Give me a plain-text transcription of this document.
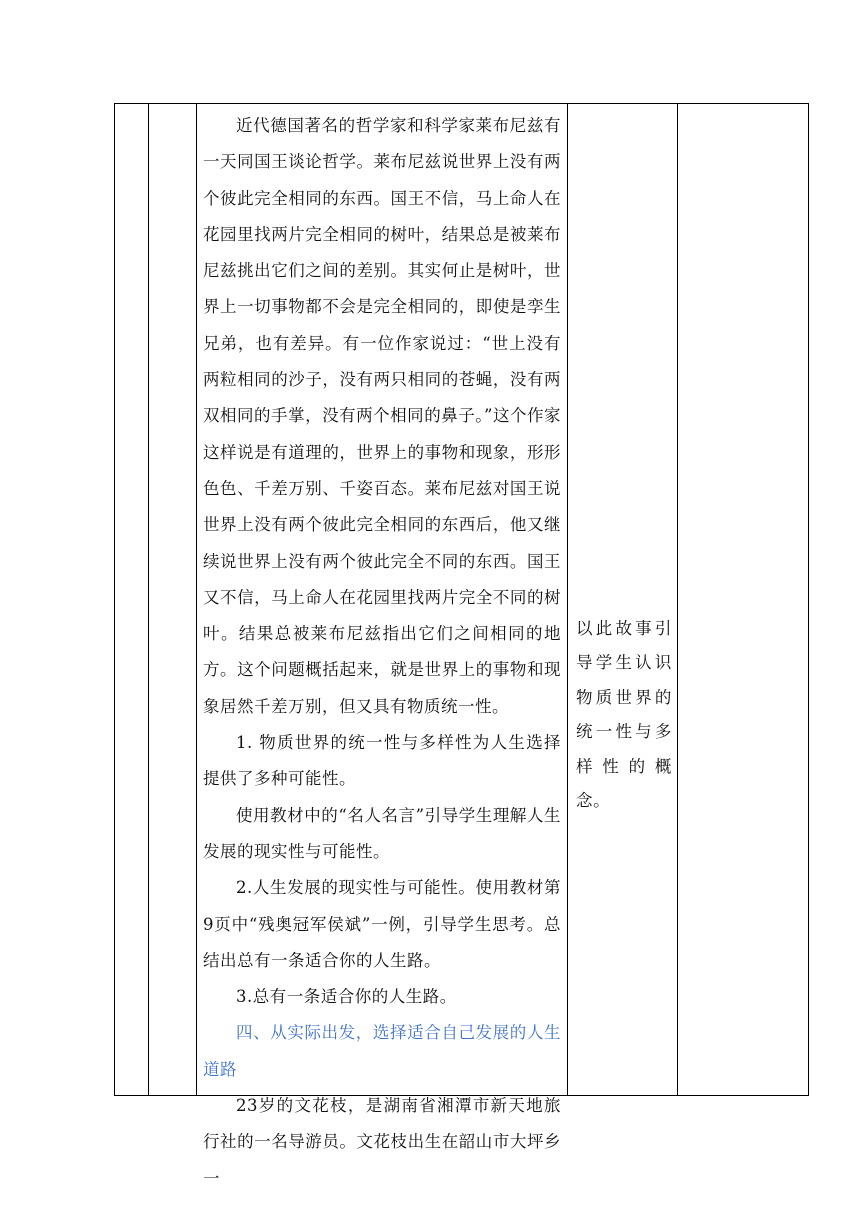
近代德国著名的哲学家和科学家莱布尼兹有一天同国王谈论哲学。莱布尼兹说世界上没有两个彼此完全相同的东西。国王不信，马上命人在花园里找两片完全相同的树叶，结果总是被莱布尼兹挑出它们之间的差别。其实何止是树叶，世界上一切事物都不会是完全相同的，即使是孪生兄弟，也有差异。有一位作家说过：“世上没有两粒相同的沙子，没有两只相同的苍蝇，没有两双相同的手掌，没有两个相同的鼻子。”这个作家这样说是有道理的，世界上的事物和现象，形形色色、千差万别、千姿百态。莱布尼兹对国王说世界上没有两个彼此完全相同的东西后，他又继续说世界上没有两个彼此完全不同的东西。国王又不信，马上命人在花园里找两片完全不同的树叶。结果总被莱布尼兹指出它们之间相同的地方。这个问题概括起来，就是世界上的事物和现象居然千差万别，但又具有物质统一性。

1. 物质世界的统一性与多样性为人生选择提供了多种可能性。

使用教材中的“名人名言”引导学生理解人生发展的现实性与可能性。

2.人生发展的现实性与可能性。使用教材第9页中“残奥冠军侯斌”一例，引导学生思考。总结出总有一条适合你的人生路。

3.总有一条适合你的人生路。

四、从实际出发，选择适合自己发展的人生道路

23岁的文花枝，是湖南省湘潭市新天地旅行社的一名导游员。文花枝出生在韶山市大坪乡一

以此故事引导学生认识物质世界的统一性与多样性的概念。
